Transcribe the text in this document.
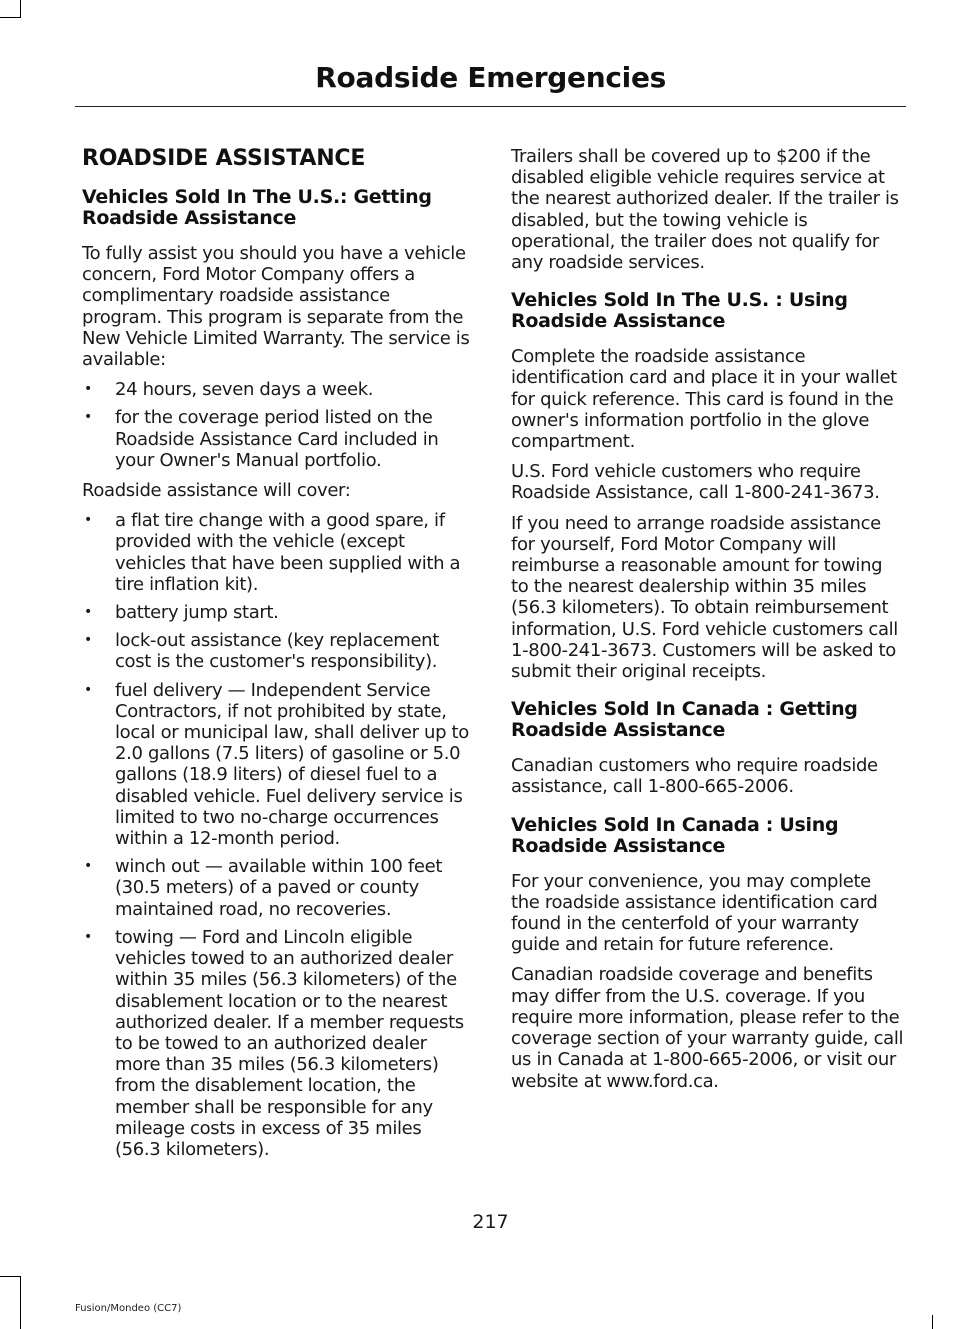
Roadside Emergencies
ROADSIDE ASSISTANCE
Vehicles Sold In The U.S.: Getting Roadside Assistance

To fully assist you should you have a vehicle concern, Ford Motor Company offers a complimentary roadside assistance program. This program is separate from the New Vehicle Limited Warranty. The service is available:

• 24 hours, seven days a week.
• for the coverage period listed on the Roadside Assistance Card included in your Owner's Manual portfolio.

Roadside assistance will cover:

• a flat tire change with a good spare, if provided with the vehicle (except vehicles that have been supplied with a tire inflation kit).
• battery jump start.
• lock-out assistance (key replacement cost is the customer's responsibility).
• fuel delivery — Independent Service Contractors, if not prohibited by state, local or municipal law, shall deliver up to 2.0 gallons (7.5 liters) of gasoline or 5.0 gallons (18.9 liters) of diesel fuel to a disabled vehicle. Fuel delivery service is limited to two no-charge occurrences within a 12-month period.
• winch out — available within 100 feet (30.5 meters) of a paved or county maintained road, no recoveries.
• towing — Ford and Lincoln eligible vehicles towed to an authorized dealer within 35 miles (56.3 kilometers) of the disablement location or to the nearest authorized dealer. If a member requests to be towed to an authorized dealer more than 35 miles (56.3 kilometers) from the disablement location, the member shall be responsible for any mileage costs in excess of 35 miles (56.3 kilometers).

Trailers shall be covered up to $200 if the disabled eligible vehicle requires service at the nearest authorized dealer. If the trailer is disabled, but the towing vehicle is operational, the trailer does not qualify for any roadside services.

Vehicles Sold In The U.S. : Using Roadside Assistance

Complete the roadside assistance identification card and place it in your wallet for quick reference. This card is found in the owner's information portfolio in the glove compartment.

U.S. Ford vehicle customers who require Roadside Assistance, call 1-800-241-3673.

If you need to arrange roadside assistance for yourself, Ford Motor Company will reimburse a reasonable amount for towing to the nearest dealership within 35 miles (56.3 kilometers). To obtain reimbursement information, U.S. Ford vehicle customers call 1-800-241-3673. Customers will be asked to submit their original receipts.

Vehicles Sold In Canada : Getting Roadside Assistance

Canadian customers who require roadside assistance, call 1-800-665-2006.

Vehicles Sold In Canada : Using Roadside Assistance

For your convenience, you may complete the roadside assistance identification card found in the centerfold of your warranty guide and retain for future reference.

Canadian roadside coverage and benefits may differ from the U.S. coverage. If you require more information, please refer to the coverage section of your warranty guide, call us in Canada at 1-800-665-2006, or visit our website at www.ford.ca.

217
Fusion/Mondeo (CC7)
